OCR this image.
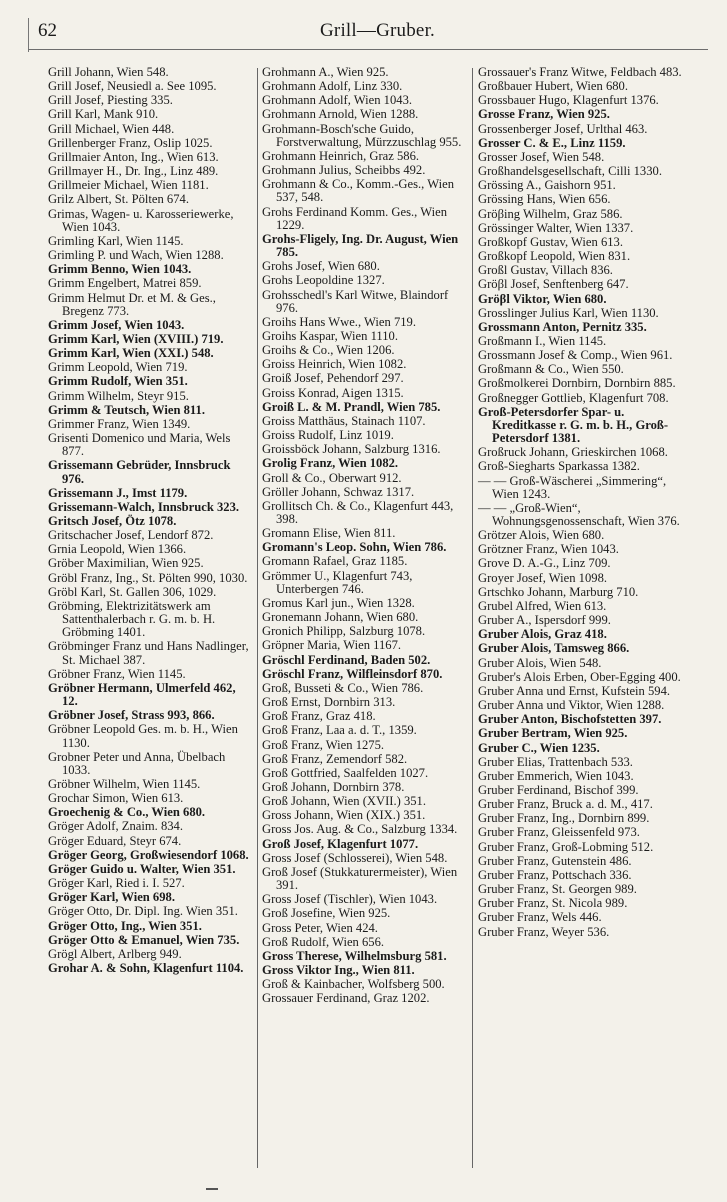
62	Grill—Gruber.
Grill Johann, Wien 548.
Grill Josef, Neusiedl a. See 1095.
Grill Josef, Piesting 335.
Grill Karl, Mank 910.
Grill Michael, Wien 448.
Grillenberger Franz, Oslip 1025.
Grillmaier Anton, Ing., Wien 613.
Grillmayer H., Dr. Ing., Linz 489.
Grillmeier Michael, Wien 1181.
Grilz Albert, St. Pölten 674.
Grimas, Wagen- u. Karosseriewerke, Wien 1043.
Grimling Karl, Wien 1145.
Grimling P. und Wach, Wien 1288.
Grimm Benno, Wien 1043.
Grimm Engelbert, Matrei 859.
Grimm Helmut Dr. et M. & Ges., Bregenz 773.
Grimm Josef, Wien 1043.
Grimm Karl, Wien (XVIII.) 719.
Grimm Karl, Wien (XXI.) 548.
Grimm Leopold, Wien 719.
Grimm Rudolf, Wien 351.
Grimm Wilhelm, Steyr 915.
Grimm & Teutsch, Wien 811.
Grimmer Franz, Wien 1349.
Grisenti Domenico und Maria, Wels 877.
Grissemann Gebrüder, Innsbruck 976.
Grissemann J., Imst 1179.
Grissemann-Walch, Innsbruck 323.
Gritsch Josef, Ötz 1078.
Gritschacher Josef, Lendorf 872.
Grnia Leopold, Wien 1366.
Gröber Maximilian, Wien 925.
Gröbl Franz, Ing., St. Pölten 990, 1030.
Gröbl Karl, St. Gallen 306, 1029.
Gröbming, Elektrizitätswerk am Sattenthalerbach r. G. m. b. H. Gröbming 1401.
Gröbminger Franz und Hans Nadlinger, St. Michael 387.
Gröbner Franz, Wien 1145.
Gröbner Hermann, Ulmerfeld 462, 12.
Gröbner Josef, Strass 993, 866.
Gröbner Leopold Ges. m. b. H., Wien 1130.
Grobner Peter und Anna, Übelbach 1033.
Gröbner Wilhelm, Wien 1145.
Grochar Simon, Wien 613.
Groechenig & Co., Wien 680.
Gröger Adolf, Znaim. 834.
Gröger Eduard, Steyr 674.
Gröger Georg, Großwiesendorf 1068.
Gröger Guido u. Walter, Wien 351.
Gröger Karl, Ried i. I. 527.
Gröger Karl, Wien 698.
Gröger Otto, Dr. Dipl. Ing. Wien 351.
Gröger Otto, Ing., Wien 351.
Gröger Otto & Emanuel, Wien 735.
Grögl Albert, Arlberg 949.
Grohar A. & Sohn, Klagenfurt 1104.
Grohmann A., Wien 925.
Grohmann Adolf, Linz 330.
Grohmann Adolf, Wien 1043.
Grohmann Arnold, Wien 1288.
Grohmann-Bosch'sche Guido, Forstverwaltung, Mürzzuschlag 955.
Grohmann Heinrich, Graz 586.
Grohmann Julius, Scheibbs 492.
Grohmann & Co., Komm.-Ges., Wien 537, 548.
Grohs Ferdinand Komm. Ges., Wien 1229.
Grohs-Fligely, Ing. Dr. August, Wien 785.
Grohs Josef, Wien 680.
Grohs Leopoldine 1327.
Grohsschedl's Karl Witwe, Blaindorf 976.
Groihs Hans Wwe., Wien 719.
Groihs Kaspar, Wien 1110.
Groihs & Co., Wien 1206.
Groiss Heinrich, Wien 1082.
Groiß Josef, Pehendorf 297.
Groiss Konrad, Aigen 1315.
Groiß L. & M. Prandl, Wien 785.
Groiss Matthäus, Stainach 1107.
Groiss Rudolf, Linz 1019.
Groissböck Johann, Salzburg 1316.
Grolig Franz, Wien 1082.
Groll & Co., Oberwart 912.
Gröller Johann, Schwaz 1317.
Grollitsch Ch. & Co., Klagenfurt 443, 398.
Gromann Elise, Wien 811.
Gromann's Leop. Sohn, Wien 786.
Gromann Rafael, Graz 1185.
Grömmer U., Klagenfurt 743, Unterbergen 746.
Gromus Karl jun., Wien 1328.
Gronemann Johann, Wien 680.
Gronich Philipp, Salzburg 1078.
Gröpner Maria, Wien 1167.
Gröschl Ferdinand, Baden 502.
Gröschl Franz, Wilfleinsdorf 870.
Groß, Busseti & Co., Wien 786.
Groß Ernst, Dornbirn 313.
Groß Franz, Graz 418.
Groß Franz, Laa a. d. T., 1359.
Groß Franz, Wien 1275.
Groß Franz, Zemendorf 582.
Groß Gottfried, Saalfelden 1027.
Groß Johann, Dornbirn 378.
Groß Johann, Wien (XVII.) 351.
Gross Johann, Wien (XIX.) 351.
Gross Jos. Aug. & Co., Salzburg 1334.
Groß Josef, Klagenfurt 1077.
Gross Josef (Schlosserei), Wien 548.
Groß Josef (Stukkaturermeister), Wien 391.
Gross Josef (Tischler), Wien 1043.
Groß Josefine, Wien 925.
Gross Peter, Wien 424.
Groß Rudolf, Wien 656.
Gross Therese, Wilhelmsburg 581.
Gross Viktor Ing., Wien 811.
Groß & Kainbacher, Wolfsberg 500.
Grossauer Ferdinand, Graz 1202.
Grossauer's Franz Witwe, Feldbach 483.
Großbauer Hubert, Wien 680.
Grossbauer Hugo, Klagenfurt 1376.
Grosse Franz, Wien 925.
Grossenberger Josef, Urlthal 463.
Grosser C. & E., Linz 1159.
Grosser Josef, Wien 548.
Großhandelsgesellschaft, Cilli 1330.
Grössing A., Gaishorn 951.
Grössing Hans, Wien 656.
Gröβing Wilhelm, Graz 586.
Grössinger Walter, Wien 1337.
Großkopf Gustav, Wien 613.
Großkopf Leopold, Wien 831.
Großl Gustav, Villach 836.
Gröβl Josef, Senftenberg 647.
Gröβl Viktor, Wien 680.
Grosslinger Julius Karl, Wien 1130.
Grossmann Anton, Pernitz 335.
Großmann I., Wien 1145.
Grossmann Josef & Comp., Wien 961.
Großmann & Co., Wien 550.
Großmolkerei Dornbirn, Dornbirn 885.
Großnegger Gottlieb, Klagenfurt 708.
Groß-Petersdorfer Spar- u. Kreditkasse r. G. m. b. H., Groß-Petersdorf 1381.
Großruck Johann, Grieskirchen 1068.
Groß-Siegharts Sparkassa 1382.
— — Groß-Wäscherei „Simmering“, Wien 1243.
— — „Groß-Wien“, Wohnungsgenossenschaft, Wien 376.
Grötzer Alois, Wien 680.
Grötzner Franz, Wien 1043.
Grove D. A.-G., Linz 709.
Groyer Josef, Wien 1098.
Grtschko Johann, Marburg 710.
Grubel Alfred, Wien 613.
Gruber A., Ispersdorf 999.
Gruber Alois, Graz 418.
Gruber Alois, Tamsweg 866.
Gruber Alois, Wien 548.
Gruber's Alois Erben, Ober-Egging 400.
Gruber Anna und Ernst, Kufstein 594.
Gruber Anna und Viktor, Wien 1288.
Gruber Anton, Bischofstetten 397.
Gruber Bertram, Wien 925.
Gruber C., Wien 1235.
Gruber Elias, Trattenbach 533.
Gruber Emmerich, Wien 1043.
Gruber Ferdinand, Bischof 399.
Gruber Franz, Bruck a. d. M., 417.
Gruber Franz, Ing., Dornbirn 899.
Gruber Franz, Gleissenfeld 973.
Gruber Franz, Groß-Lobming 512.
Gruber Franz, Gutenstein 486.
Gruber Franz, Pottschach 336.
Gruber Franz, St. Georgen 989.
Gruber Franz, St. Nicola 989.
Gruber Franz, Wels 446.
Gruber Franz, Weyer 536.
